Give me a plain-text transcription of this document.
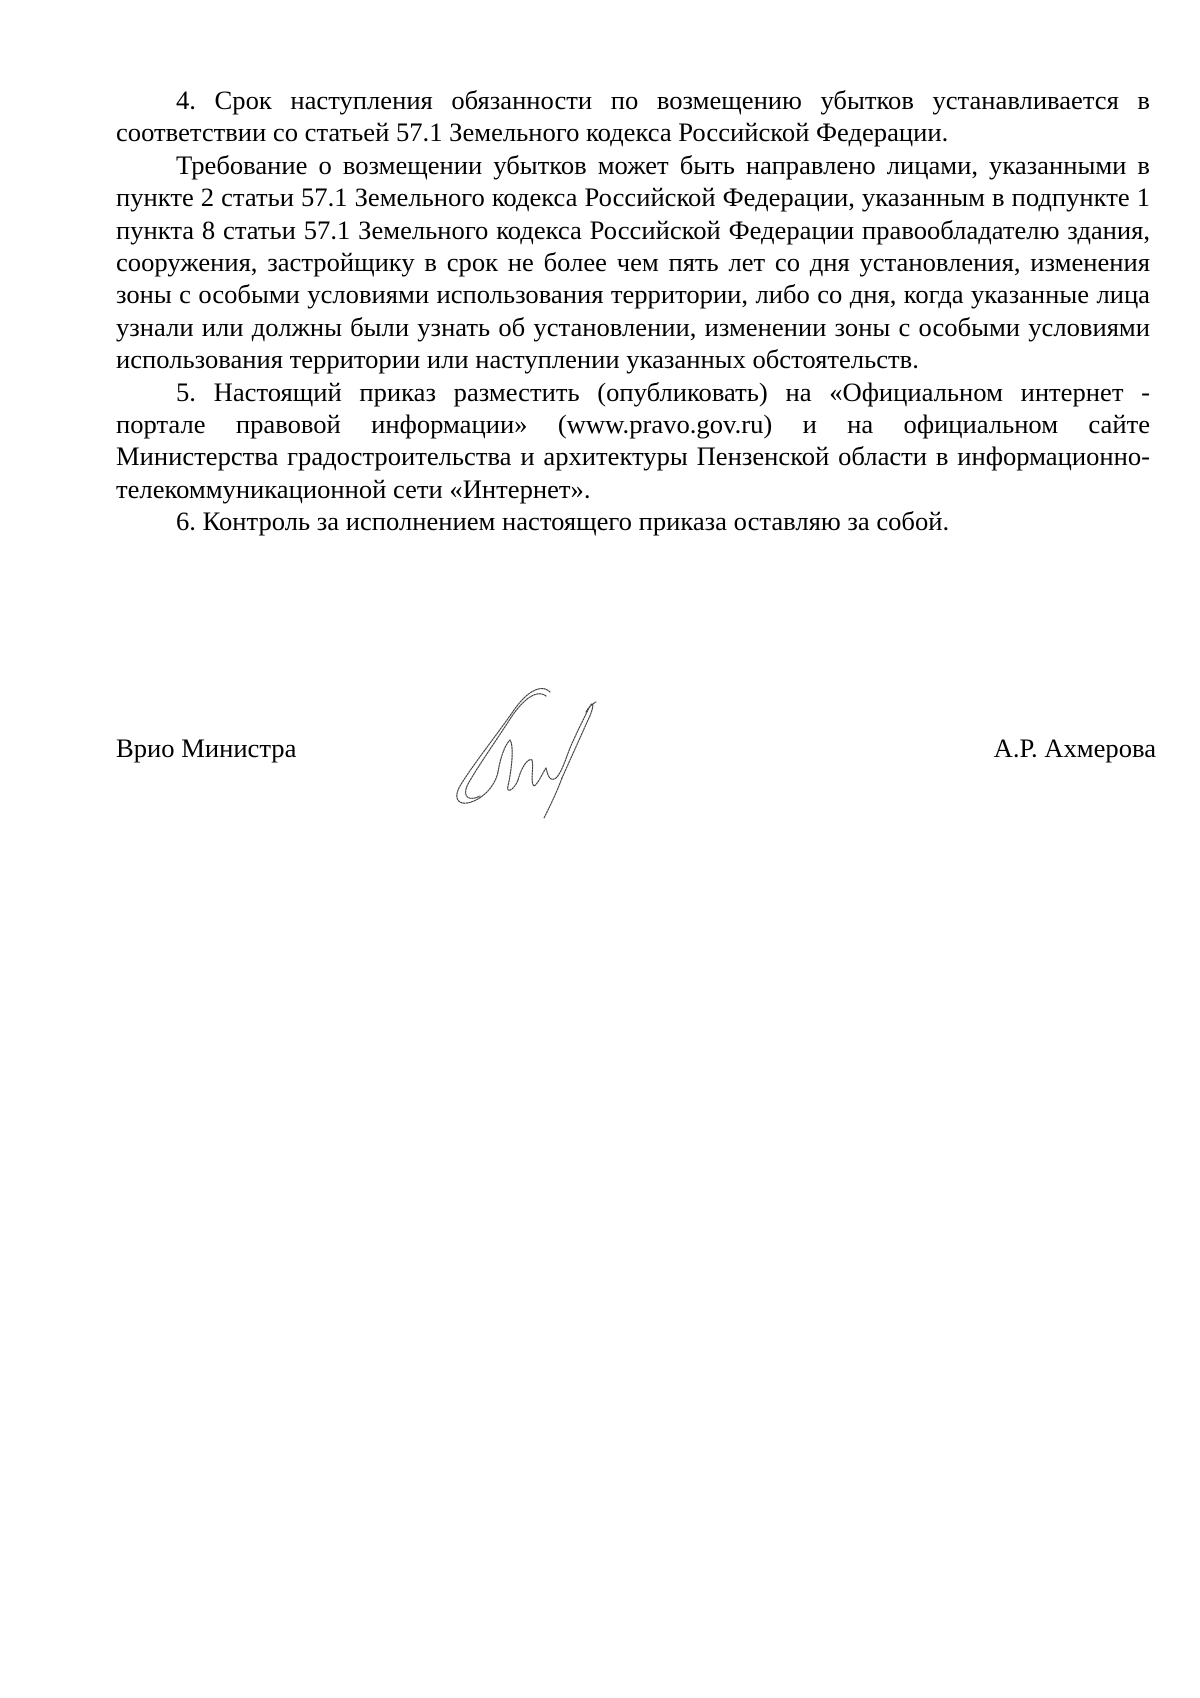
4. Срок наступления обязанности по возмещению убытков устанавливается в соответствии со статьей 57.1 Земельного кодекса Российской Федерации.

Требование о возмещении убытков может быть направлено лицами, указанными в пункте 2 статьи 57.1 Земельного кодекса Российской Федерации, указанным в подпункте 1 пункта 8 статьи 57.1 Земельного кодекса Российской Федерации правообладателю здания, сооружения, застройщику в срок не более чем пять лет со дня установления, изменения зоны с особыми условиями использования территории, либо со дня, когда указанные лица узнали или должны были узнать об установлении, изменении зоны с особыми условиями использования территории или наступлении указанных обстоятельств.

5. Настоящий приказ разместить (опубликовать) на «Официальном интернет - портале правовой информации» (www.pravo.gov.ru) и на официальном сайте Министерства градостроительства и архитектуры Пензенской области в информационно-телекоммуникационной сети «Интернет».

6. Контроль за исполнением настоящего приказа оставляю за собой.

Врио Министра	А.Р. Ахмерова
